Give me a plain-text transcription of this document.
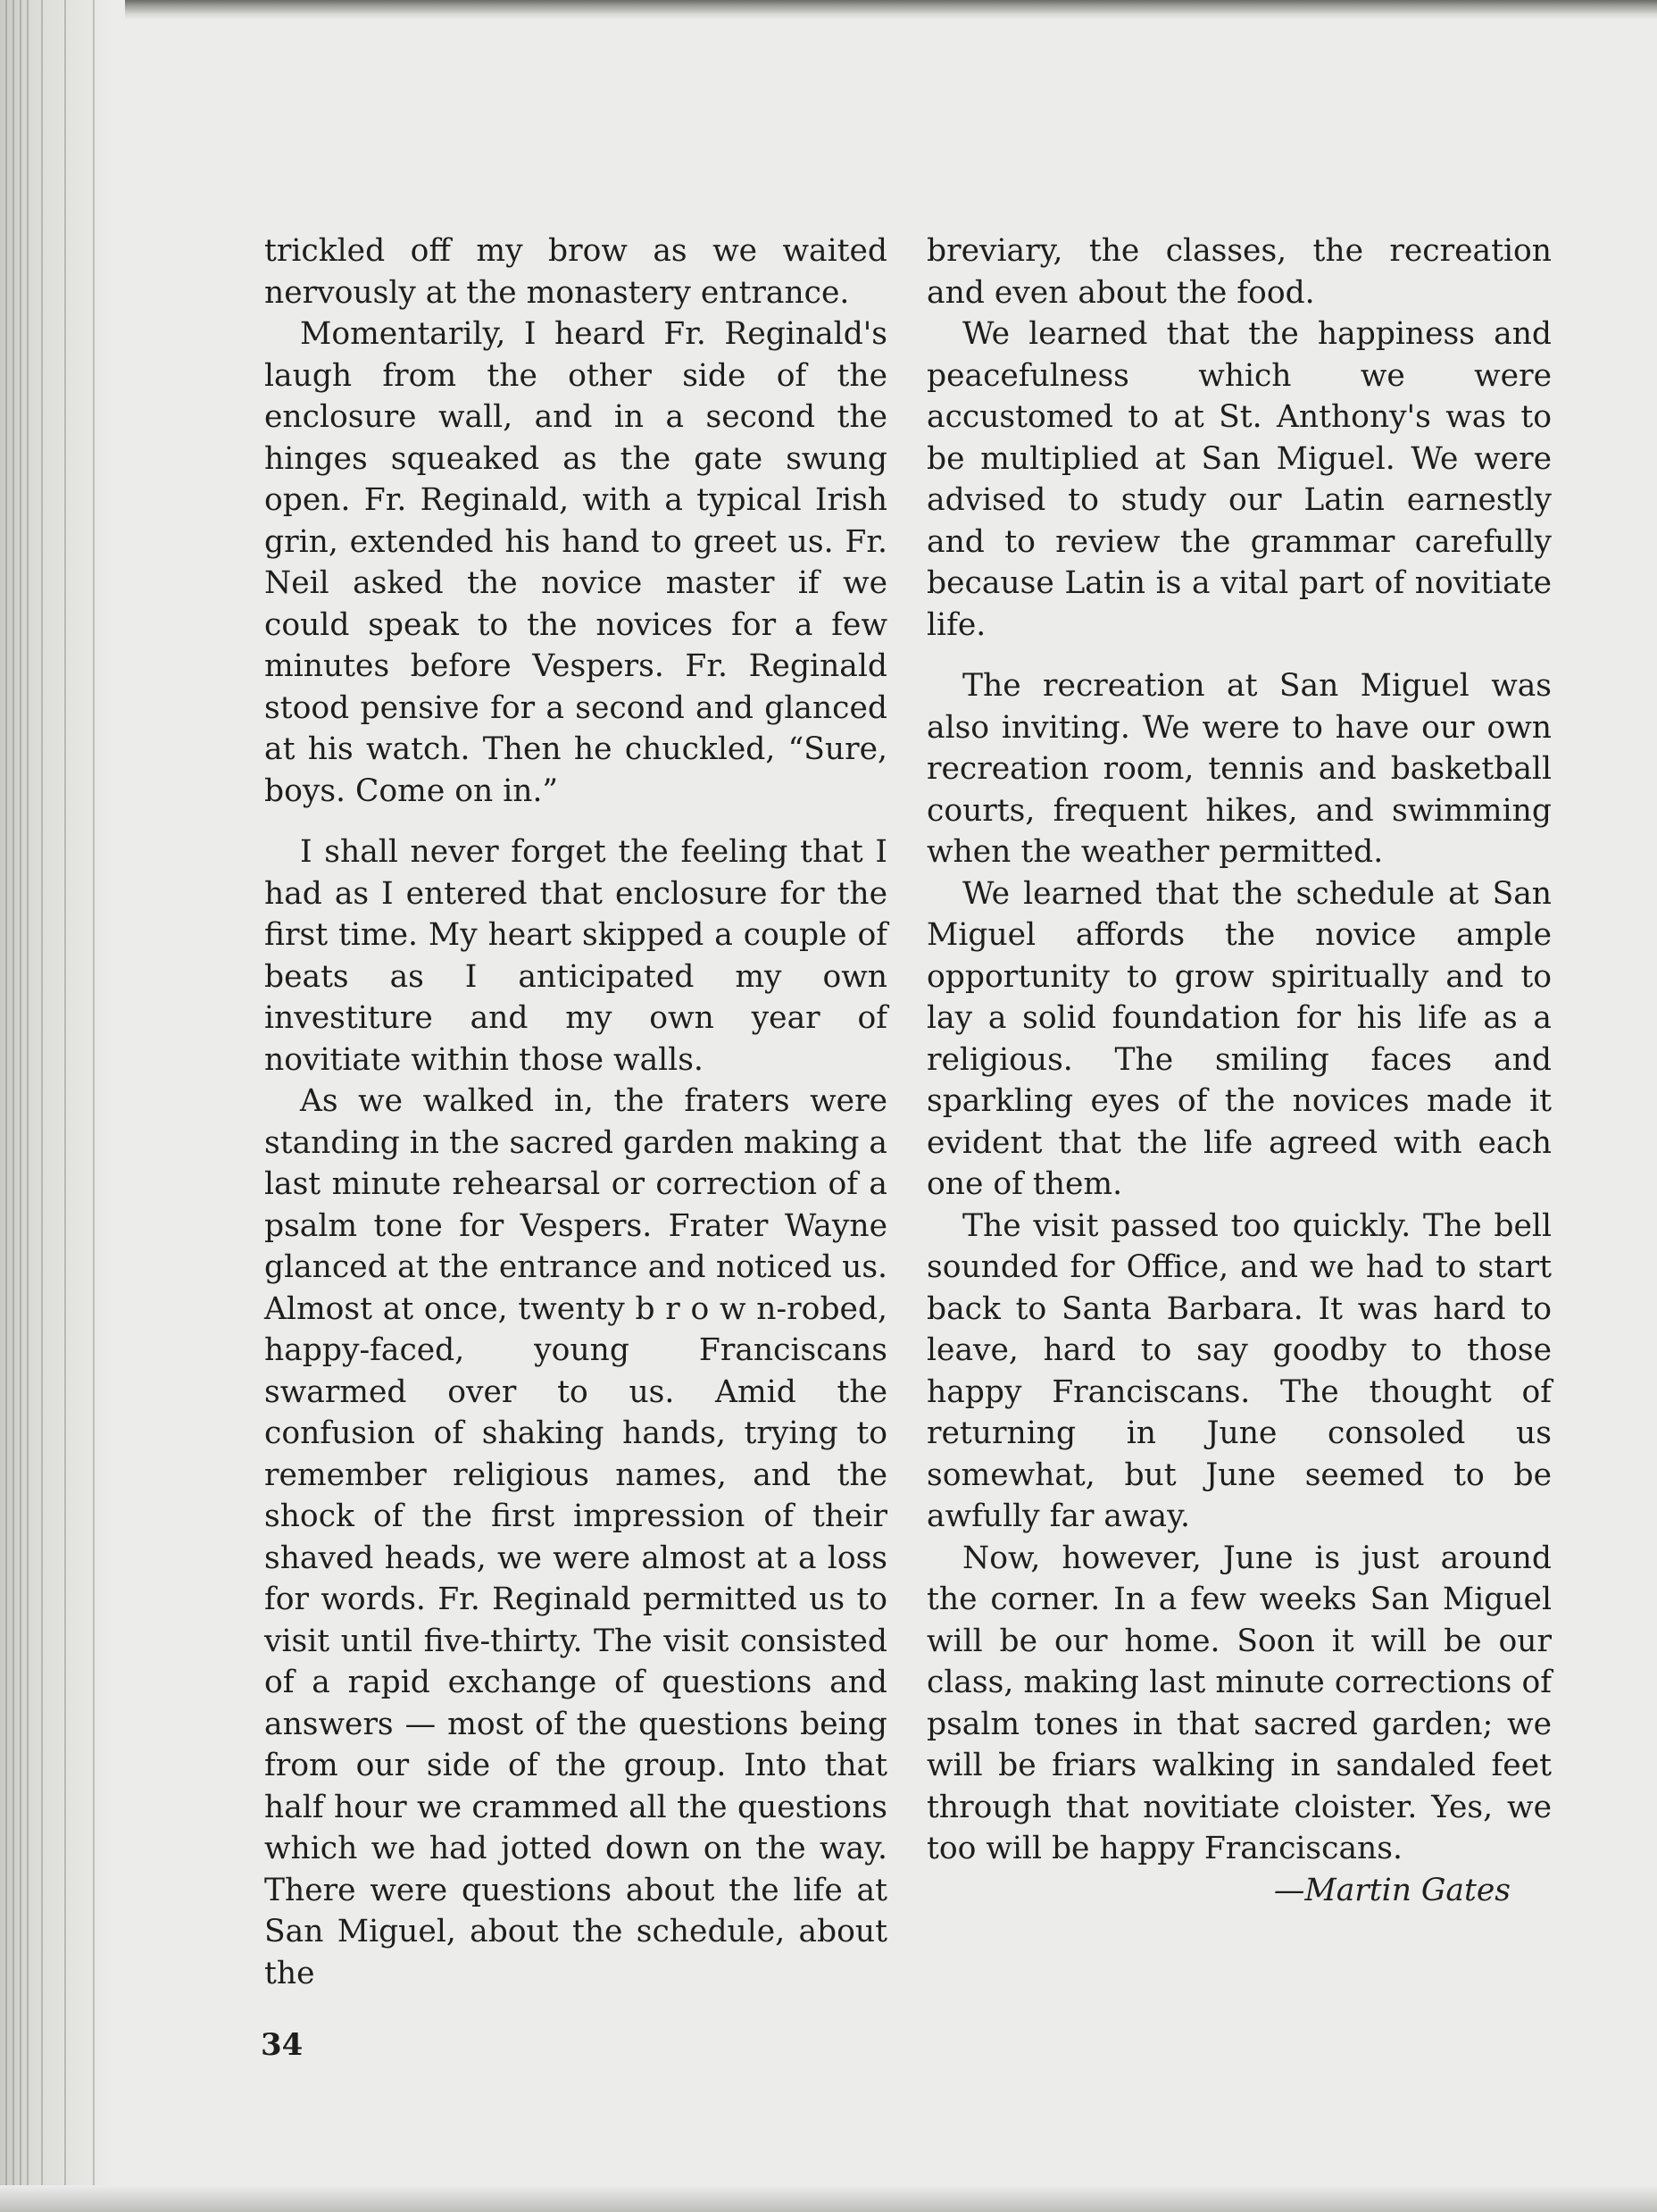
trickled off my brow as we waited nervously at the monastery entrance.

Momentarily, I heard Fr. Reginald's laugh from the other side of the enclosure wall, and in a second the hinges squeaked as the gate swung open. Fr. Reginald, with a typical Irish grin, extended his hand to greet us. Fr. Neil asked the novice master if we could speak to the novices for a few minutes before Vespers. Fr. Reginald stood pensive for a second and glanced at his watch. Then he chuckled, “Sure, boys. Come on in.”

I shall never forget the feeling that I had as I entered that enclosure for the first time. My heart skipped a couple of beats as I anticipated my own investiture and my own year of novitiate within those walls.

As we walked in, the fraters were standing in the sacred garden making a last minute rehearsal or correction of a psalm tone for Vespers. Frater Wayne glanced at the entrance and noticed us. Almost at once, twenty b r o w n-robed, happy-faced, young Franciscans swarmed over to us. Amid the confusion of shaking hands, trying to remember religious names, and the shock of the first impression of their shaved heads, we were almost at a loss for words. Fr. Reginald permitted us to visit until five-thirty. The visit consisted of a rapid exchange of questions and answers — most of the questions being from our side of the group. Into that half hour we crammed all the questions which we had jotted down on the way. There were questions about the life at San Miguel, about the schedule, about the

breviary, the classes, the recreation and even about the food.

We learned that the happiness and peacefulness which we were accustomed to at St. Anthony's was to be multiplied at San Miguel. We were advised to study our Latin earnestly and to review the grammar carefully because Latin is a vital part of novitiate life.

The recreation at San Miguel was also inviting. We were to have our own recreation room, tennis and basketball courts, frequent hikes, and swimming when the weather permitted.

We learned that the schedule at San Miguel affords the novice ample opportunity to grow spiritually and to lay a solid foundation for his life as a religious. The smiling faces and sparkling eyes of the novices made it evident that the life agreed with each one of them.

The visit passed too quickly. The bell sounded for Office, and we had to start back to Santa Barbara. It was hard to leave, hard to say goodby to those happy Franciscans. The thought of returning in June consoled us somewhat, but June seemed to be awfully far away.

Now, however, June is just around the corner. In a few weeks San Miguel will be our home. Soon it will be our class, making last minute corrections of psalm tones in that sacred garden; we will be friars walking in sandaled feet through that novitiate cloister. Yes, we too will be happy Franciscans.

—Martin Gates

34
